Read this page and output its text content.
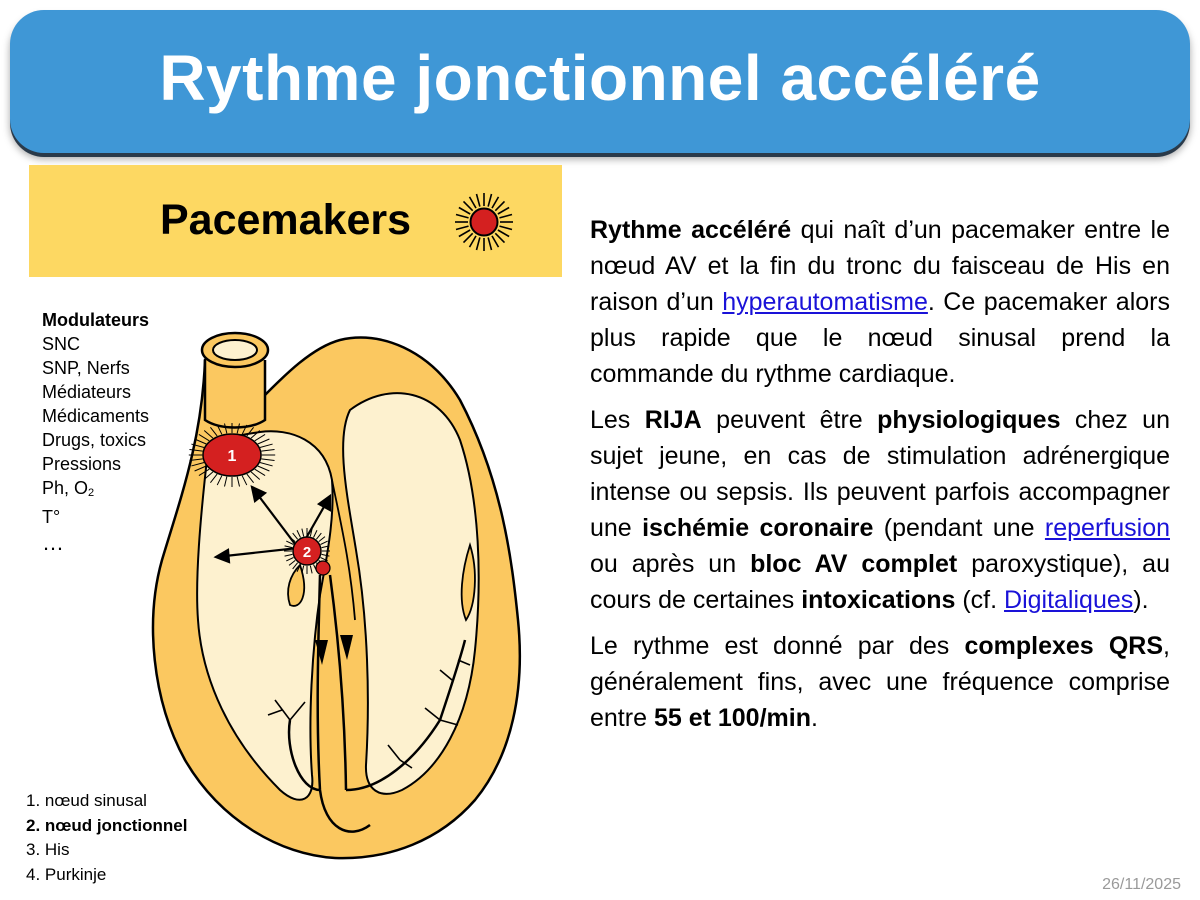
Rythme jonctionnel accéléré
Pacemakers
1
2
Modulateurs
SNC
SNP, Nerfs
Médiateurs
Médicaments
Drugs, toxics
Pressions
Ph, $O_2$
T°
…
1. nœud sinusal
2. nœud jonctionnel
3. His
4. Purkinje

Rythme accéléré qui naît d’un pacemaker entre le nœud AV et la fin du tronc du faisceau de His en raison d’un hyperautomatisme. Ce pacemaker alors plus rapide que le nœud sinusal prend la commande du rythme cardiaque.

Les RIJA peuvent être physiologiques chez un sujet jeune, en cas de stimulation adrénergique intense ou sepsis. Ils peuvent parfois accompagner une ischémie coronaire (pendant une reperfusion ou après un bloc AV complet paroxystique), au cours de certaines intoxications (cf. Digitaliques).

Le rythme est donné par des complexes QRS, généralement fins, avec une fréquence comprise entre 55 et 100/min.

26/11/2025
